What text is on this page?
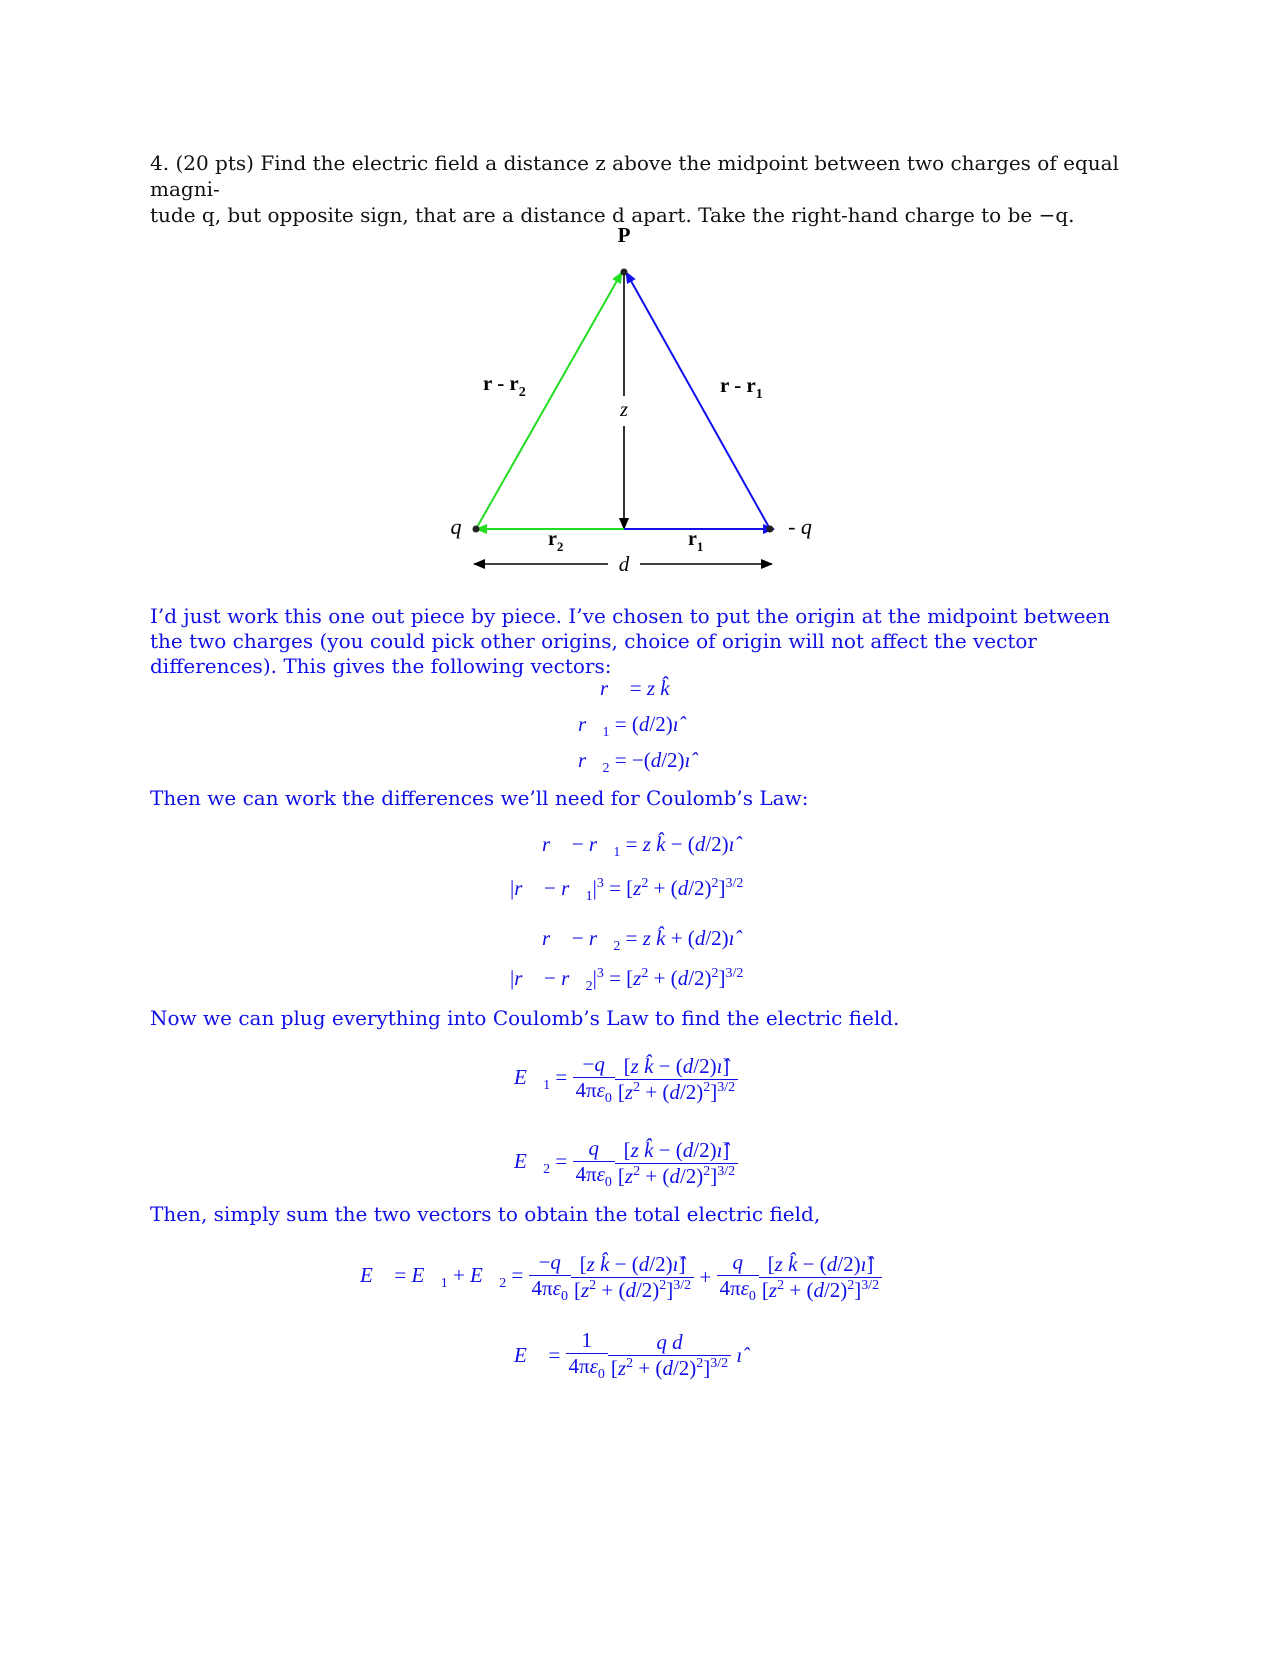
4. (20 pts) Find the electric field a distance z above the midpoint between two charges of equal magni-
tude q, but opposite sign, that are a distance d apart. Take the right-hand charge to be −q.
P
z
r - $r_2$	r - $r_1$
q	- q
$r_2$	$r_1$
d
I’d just work this one out piece by piece. I’ve chosen to put the origin at the midpoint between the two charges (you could pick other origins, choice of origin will not affect the vector differences). This gives the following vectors:
r⃗ = z k̂
$r⃗_1$ = (d/2)ı̂
$r⃗_2$ = −(d/2)ı̂
Then we can work the differences we’ll need for Coulomb’s Law:
r⃗ − $r⃗_1 = z$ k̂ − (d/2)ı̂
|r⃗ − $r⃗_1|^3 = [z^2 + (d/2)^2]^{3/2}$
r⃗ − $r⃗_2 = z$ k̂ + (d/2)ı̂
|r⃗ − $r⃗_2|^3 = [z^2 + (d/2)^2]^{3/2}$
Now we can plug everything into Coulomb’s Law to find the electric field.
$E⃗_1 = \frac{-q}{4\pi\varepsilon_0} \frac{\text{[z k̂ − (d/2)ı̂]}}{[z^2 + (d/2)^2]^{3/2}}$
$E⃗_2 = \frac{q}{4\pi\varepsilon_0} \frac{\text{[z k̂ − (d/2)ı̂]}}{[z^2 + (d/2)^2]^{3/2}}$
Then, simply sum the two vectors to obtain the total electric field,
E⃗ = $E⃗_1$ + $E⃗_2 = \frac{-q}{4\pi\varepsilon_0} \frac{\text{[z k̂ − (d/2)ı̂]}}{[z^2 + (d/2)^2]^{3/2}} + \frac{q}{4\pi\varepsilon_0} \frac{\text{[z k̂ − (d/2)ı̂]}}{[z^2 + (d/2)^2]^{3/2}}$
E⃗ = $\frac{1}{4\pi\varepsilon_0} \frac{\text{q d}}{[z^2 + (d/2)^2]^{3/2}}$ ı̂
